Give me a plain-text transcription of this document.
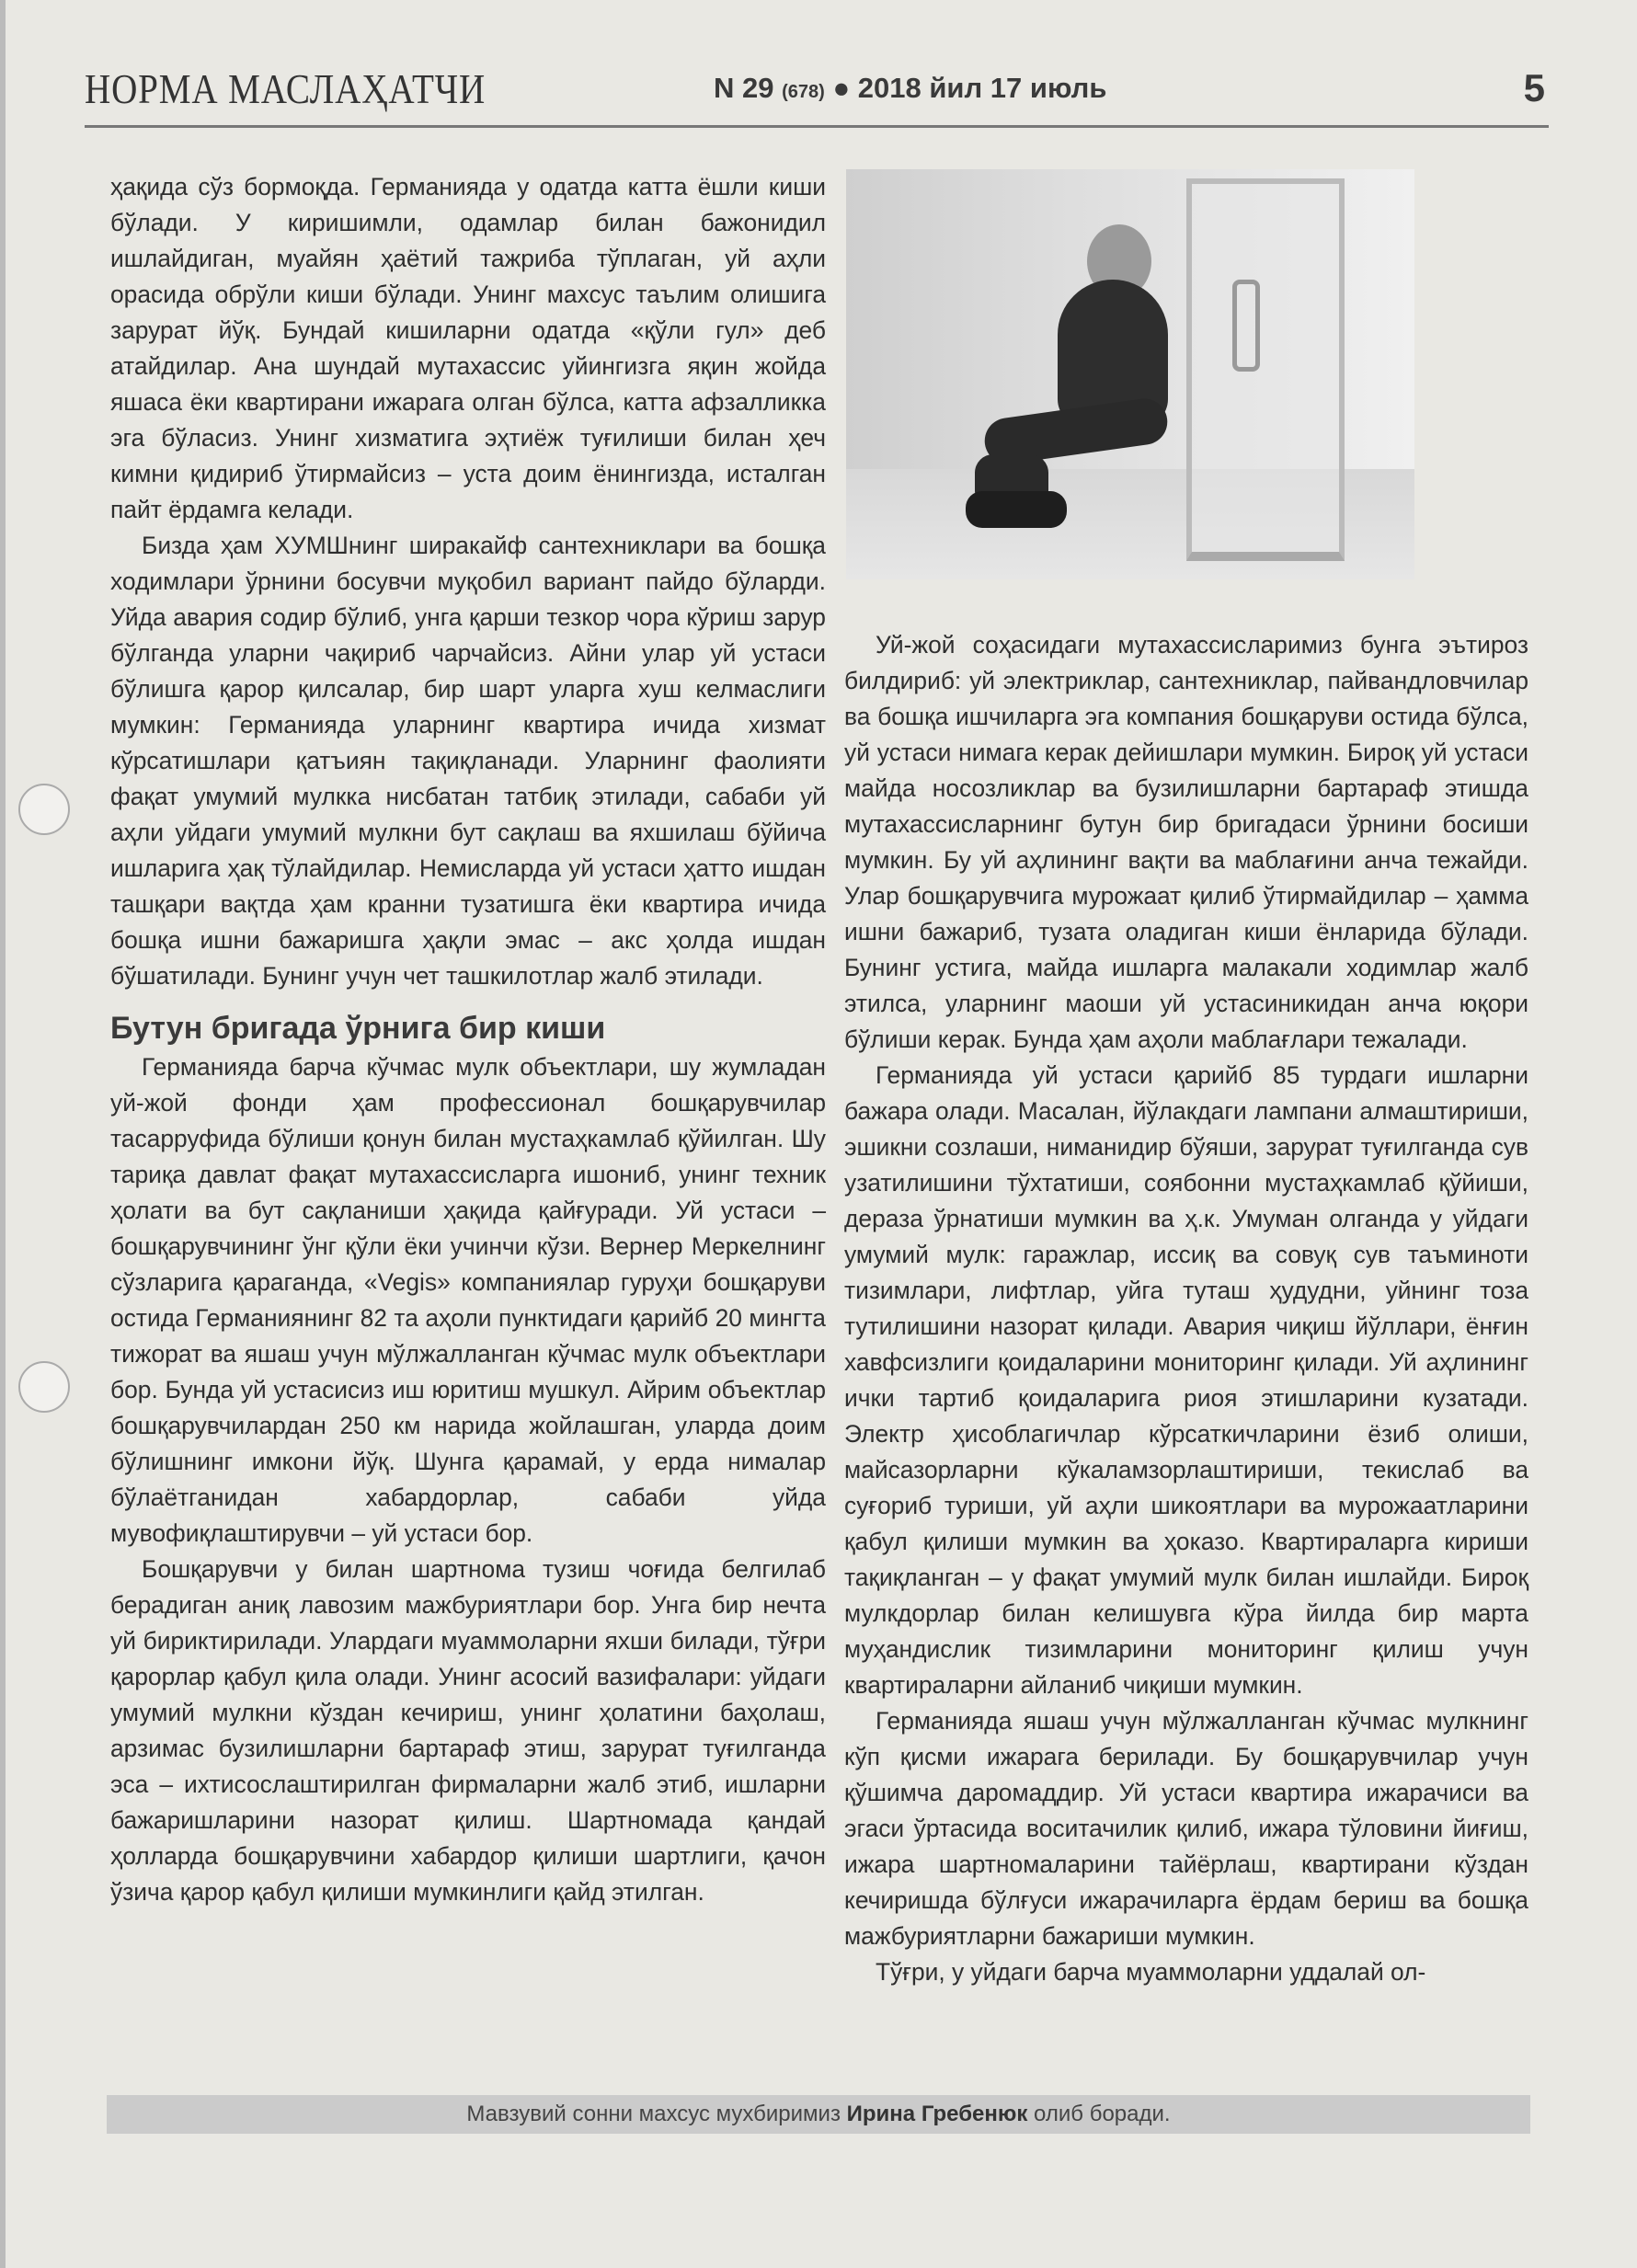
НОРМА МАСЛАҲАТЧИ	N 29 (678) ● 2018 йил 17 июль	5

ҳақида сўз бормоқда. Германияда у одатда катта ёшли киши бўлади. У киришимли, одамлар билан бажонидил ишлайдиган, муайян ҳаётий тажриба тўплаган, уй аҳли орасида обрўли киши бўлади. Унинг махсус таълим олишига зарурат йўқ. Бундай кишиларни одатда «қўли гул» деб атайдилар. Ана шундай мутахассис уйингизга яқин жойда яшаса ёки квартирани ижарага олган бўлса, катта афзалликка эга бўласиз. Унинг хизматига эҳтиёж туғилиши билан ҳеч кимни қидириб ўтирмайсиз – уста доим ёнингизда, исталган пайт ёрдамга келади.

Бизда ҳам ХУМШнинг ширакайф сантехниклари ва бошқа ходимлари ўрнини босувчи муқобил вариант пайдо бўларди. Уйда авария содир бўлиб, унга қарши тезкор чора кўриш зарур бўлганда уларни чақириб чарчайсиз. Айни улар уй устаси бўлишга қарор қилсалар, бир шарт уларга хуш келмаслиги мумкин: Германияда уларнинг квартира ичида хизмат кўрсатишлари қатъиян тақиқланади. Уларнинг фаолияти фақат умумий мулкка нисбатан татбиқ этилади, сабаби уй аҳли уйдаги умумий мулкни бут сақлаш ва яхшилаш бўйича ишларига ҳақ тўлайдилар. Немисларда уй устаси ҳатто ишдан ташқари вақтда ҳам кранни тузатишга ёки квартира ичида бошқа ишни бажаришга ҳақли эмас – акс ҳолда ишдан бўшатилади. Бунинг учун чет ташкилотлар жалб этилади.

Бутун бригада ўрнига бир киши

Германияда барча кўчмас мулк объектлари, шу жумладан уй-жой фонди ҳам профессионал бошқарувчилар тасарруфида бўлиши қонун билан мустаҳкамлаб қўйилган. Шу тариқа давлат фақат мутахассисларга ишониб, унинг техник ҳолати ва бут сақланиши ҳақида қайғуради. Уй устаси – бошқарувчининг ўнг қўли ёки учинчи кўзи. Вернер Меркелнинг сўзларига қараганда, «Vegis» компаниялар гуруҳи бошқаруви остида Германиянинг 82 та аҳоли пунктидаги қарийб 20 мингта тижорат ва яшаш учун мўлжалланган кўчмас мулк объектлари бор. Бунда уй устасисиз иш юритиш мушкул. Айрим объектлар бошқарувчилардан 250 км нарида жойлашган, уларда доим бўлишнинг имкони йўқ. Шунга қарамай, у ерда нималар бўлаётганидан хабардорлар, сабаби уйда мувофиқлаштирувчи – уй устаси бор.

Бошқарувчи у билан шартнома тузиш чоғида белгилаб берадиган аниқ лавозим мажбуриятлари бор. Унга бир нечта уй бириктирилади. Улардаги муаммоларни яхши билади, тўғри қарорлар қабул қила олади. Унинг асосий вазифалари: уйдаги умумий мулкни кўздан кечириш, унинг ҳолатини баҳолаш, арзимас бузилишларни бартараф этиш, зарурат туғилганда эса – ихтисослаштирилган фирмаларни жалб этиб, ишларни бажаришларини назорат қилиш. Шартномада қандай ҳолларда бошқарувчини хабардор қилиши шартлиги, қачон ўзича қарор қабул қилиши мумкинлиги қайд этилган.

Уй-жой соҳасидаги мутахассисларимиз бунга эътироз билдириб: уй электриклар, сантехниклар, пайвандловчилар ва бошқа ишчиларга эга компания бошқаруви остида бўлса, уй устаси нимага керак дейишлари мумкин. Бироқ уй устаси майда носозликлар ва бузилишларни бартараф этишда мутахассисларнинг бутун бир бригадаси ўрнини босиши мумкин. Бу уй аҳлининг вақти ва маблағини анча тежайди. Улар бошқарувчига мурожаат қилиб ўтирмайдилар – ҳамма ишни бажариб, тузата оладиган киши ёнларида бўлади. Бунинг устига, майда ишларга малакали ходимлар жалб этилса, уларнинг маоши уй устасиникидан анча юқори бўлиши керак. Бунда ҳам аҳоли маблағлари тежалади.

Германияда уй устаси қарийб 85 турдаги ишларни бажара олади. Масалан, йўлакдаги лампани алмаштириши, эшикни созлаши, ниманидир бўяши, зарурат туғилганда сув узатилишини тўхтатиши, соябонни мустаҳкамлаб қўйиши, дераза ўрнатиши мумкин ва ҳ.к. Умуман олганда у уйдаги умумий мулк: гаражлар, иссиқ ва совуқ сув таъминоти тизимлари, лифтлар, уйга туташ ҳудудни, уйнинг тоза тутилишини назорат қилади. Авария чиқиш йўллари, ёнғин хавфсизлиги қоидаларини мониторинг қилади. Уй аҳлининг ички тартиб қоидаларига риоя этишларини кузатади. Электр ҳисоблагичлар кўрсаткичларини ёзиб олиши, майсазорларни кўкаламзорлаштириши, текислаб ва суғориб туриши, уй аҳли шикоятлари ва мурожаатларини қабул қилиши мумкин ва ҳоказо. Квартираларга кириши тақиқланган – у фақат умумий мулк билан ишлайди. Бироқ мулкдорлар билан келишувга кўра йилда бир марта муҳандислик тизимларини мониторинг қилиш учун квартираларни айланиб чиқиши мумкин.

Германияда яшаш учун мўлжалланган кўчмас мулкнинг кўп қисми ижарага берилади. Бу бошқарувчилар учун қўшимча даромаддир. Уй устаси квартира ижарачиси ва эгаси ўртасида воситачилик қилиб, ижара тўловини йиғиш, ижара шартномаларини тайёрлаш, квартирани кўздан кечиришда бўлғуси ижарачиларга ёрдам бериш ва бошқа мажбуриятларни бажариши мумкин.

Тўғри, у уйдаги барча муаммоларни уддалай ол-

Мавзувий сонни махсус мухбиримиз Ирина Гребенюк олиб боради.
